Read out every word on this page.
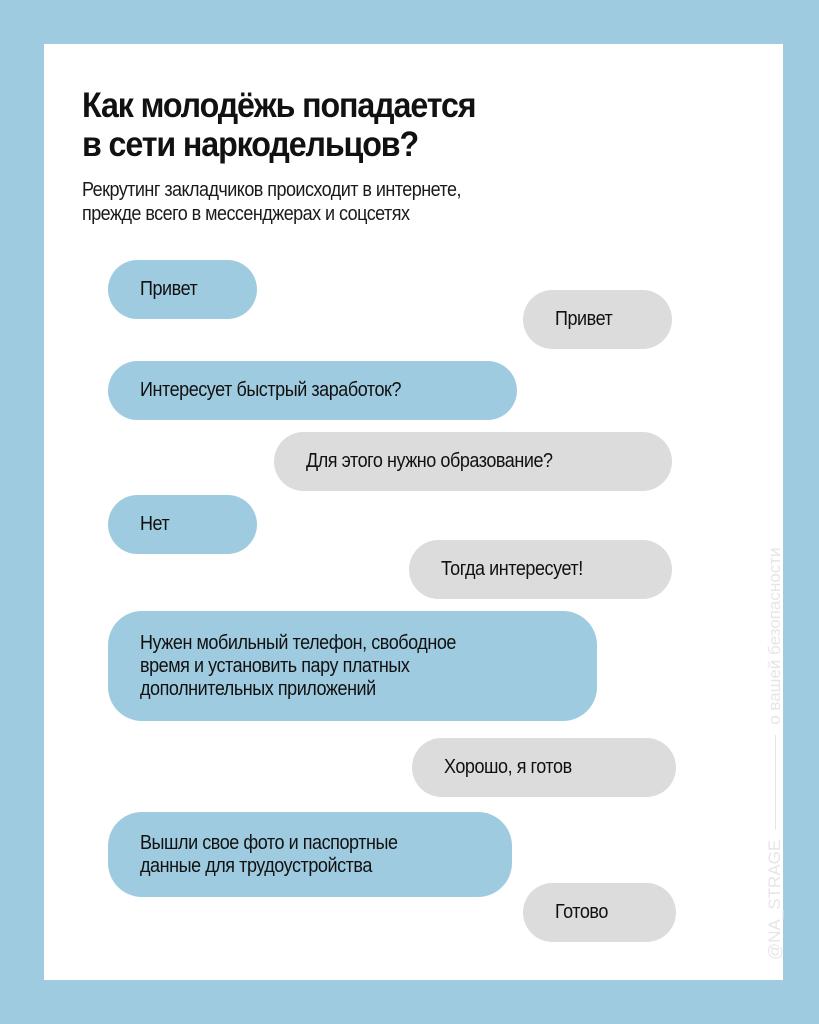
Как молодёжь попадается
в сети наркодельцов?

Рекрутинг закладчиков происходит в интернете,
прежде всего в мессенджерах и соцсетях

Привет
Привет
Интересует быстрый заработок?
Для этого нужно образование?
Нет
Тогда интересует!
Нужен мобильный телефон, свободное
время и установить пару платных
дополнительных приложений
Хорошо, я готов
Вышли свое фото и паспортные
данные для трудоустройства
Готово	@NA_STRAGE
о вашей безопасности
